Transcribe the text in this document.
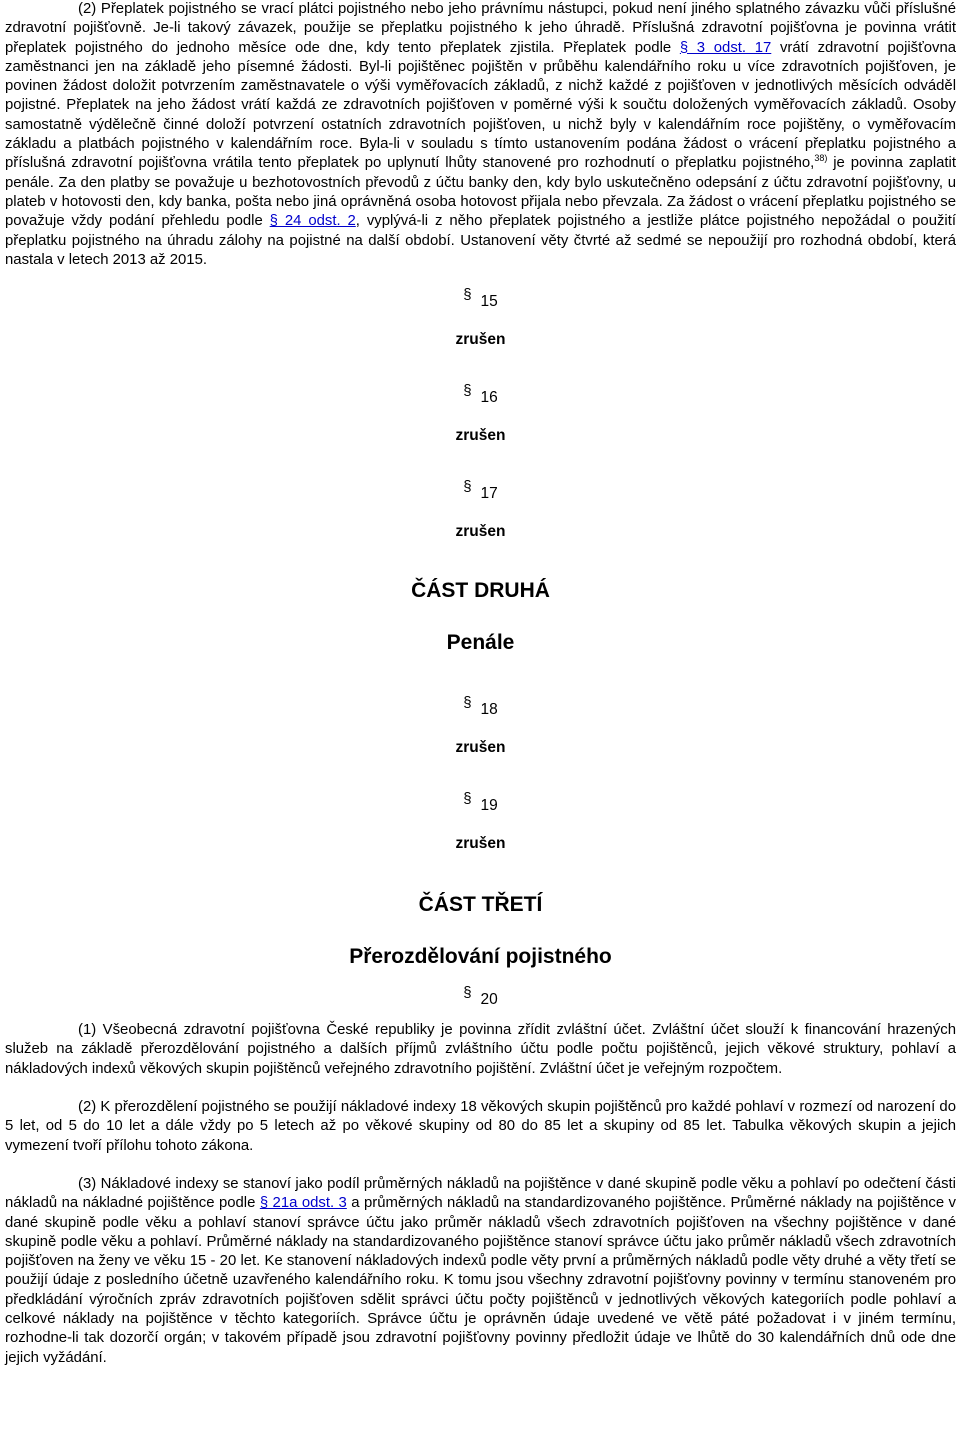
(2) Přeplatek pojistného se vrací plátci pojistného nebo jeho právnímu nástupci, pokud není jiného splatného závazku vůči příslušné zdravotní pojišťovně. Je-li takový závazek, použije se přeplatku pojistného k jeho úhradě. Příslušná zdravotní pojišťovna je povinna vrátit přeplatek pojistného do jednoho měsíce ode dne, kdy tento přeplatek zjistila. Přeplatek podle § 3 odst. 17 vrátí zdravotní pojišťovna zaměstnanci jen na základě jeho písemné žádosti. Byl-li pojištěnec pojištěn v průběhu kalendářního roku u více zdravotních pojišťoven, je povinen žádost doložit potvrzením zaměstnavatele o výši vyměřovacích základů, z nichž každé z pojišťoven v jednotlivých měsících odváděl pojistné. Přeplatek na jeho žádost vrátí každá ze zdravotních pojišťoven v poměrné výši k součtu doložených vyměřovacích základů. Osoby samostatně výdělečně činné doloží potvrzení ostatních zdravotních pojišťoven, u nichž byly v kalendářním roce pojištěny, o vyměřovacím základu a platbách pojistného v kalendářním roce. Byla-li v souladu s tímto ustanovením podána žádost o vrácení přeplatku pojistného a příslušná zdravotní pojišťovna vrátila tento přeplatek po uplynutí lhůty stanovené pro rozhodnutí o přeplatku pojistného,$^{38)}$ je povinna zaplatit penále. Za den platby se považuje u bezhotovostních převodů z účtu banky den, kdy bylo uskutečněno odepsání z účtu zdravotní pojišťovny, u plateb v hotovosti den, kdy banka, pošta nebo jiná oprávněná osoba hotovost přijala nebo převzala. Za žádost o vrácení přeplatku pojistného se považuje vždy podání přehledu podle § 24 odst. 2, vyplývá-li z něho přeplatek pojistného a jestliže plátce pojistného nepožádal o použití přeplatku pojistného na úhradu zálohy na pojistné na další období. Ustanovení věty čtvrté až sedmé se nepoužijí pro rozhodná období, která nastala v letech 2013 až 2015.

§ 15

zrušen

§ 16

zrušen

§ 17

zrušen

ČÁST DRUHÁ

Penále

§ 18

zrušen

§ 19

zrušen

ČÁST TŘETÍ

Přerozdělování pojistného

§ 20

(1) Všeobecná zdravotní pojišťovna České republiky je povinna zřídit zvláštní účet. Zvláštní účet slouží k financování hrazených služeb na základě přerozdělování pojistného a dalších příjmů zvláštního účtu podle počtu pojištěnců, jejich věkové struktury, pohlaví a nákladových indexů věkových skupin pojištěnců veřejného zdravotního pojištění. Zvláštní účet je veřejným rozpočtem.

(2) K přerozdělení pojistného se použijí nákladové indexy 18 věkových skupin pojištěnců pro každé pohlaví v rozmezí od narození do 5 let, od 5 do 10 let a dále vždy po 5 letech až po věkové skupiny od 80 do 85 let a skupiny od 85 let. Tabulka věkových skupin a jejich vymezení tvoří přílohu tohoto zákona.

(3) Nákladové indexy se stanoví jako podíl průměrných nákladů na pojištěnce v dané skupině podle věku a pohlaví po odečtení části nákladů na nákladné pojištěnce podle § 21a odst. 3 a průměrných nákladů na standardizovaného pojištěnce. Průměrné náklady na pojištěnce v dané skupině podle věku a pohlaví stanoví správce účtu jako průměr nákladů všech zdravotních pojišťoven na všechny pojištěnce v dané skupině podle věku a pohlaví. Průměrné náklady na standardizovaného pojištěnce stanoví správce účtu jako průměr nákladů všech zdravotních pojišťoven na ženy ve věku 15 - 20 let. Ke stanovení nákladových indexů podle věty první a průměrných nákladů podle věty druhé a věty třetí se použijí údaje z posledního účetně uzavřeného kalendářního roku. K tomu jsou všechny zdravotní pojišťovny povinny v termínu stanoveném pro předkládání výročních zpráv zdravotních pojišťoven sdělit správci účtu počty pojištěnců v jednotlivých věkových kategoriích podle pohlaví a celkové náklady na pojištěnce v těchto kategoriích. Správce účtu je oprávněn údaje uvedené ve větě páté požadovat i v jiném termínu, rozhodne-li tak dozorčí orgán; v takovém případě jsou zdravotní pojišťovny povinny předložit údaje ve lhůtě do 30 kalendářních dnů ode dne jejich vyžádání.
